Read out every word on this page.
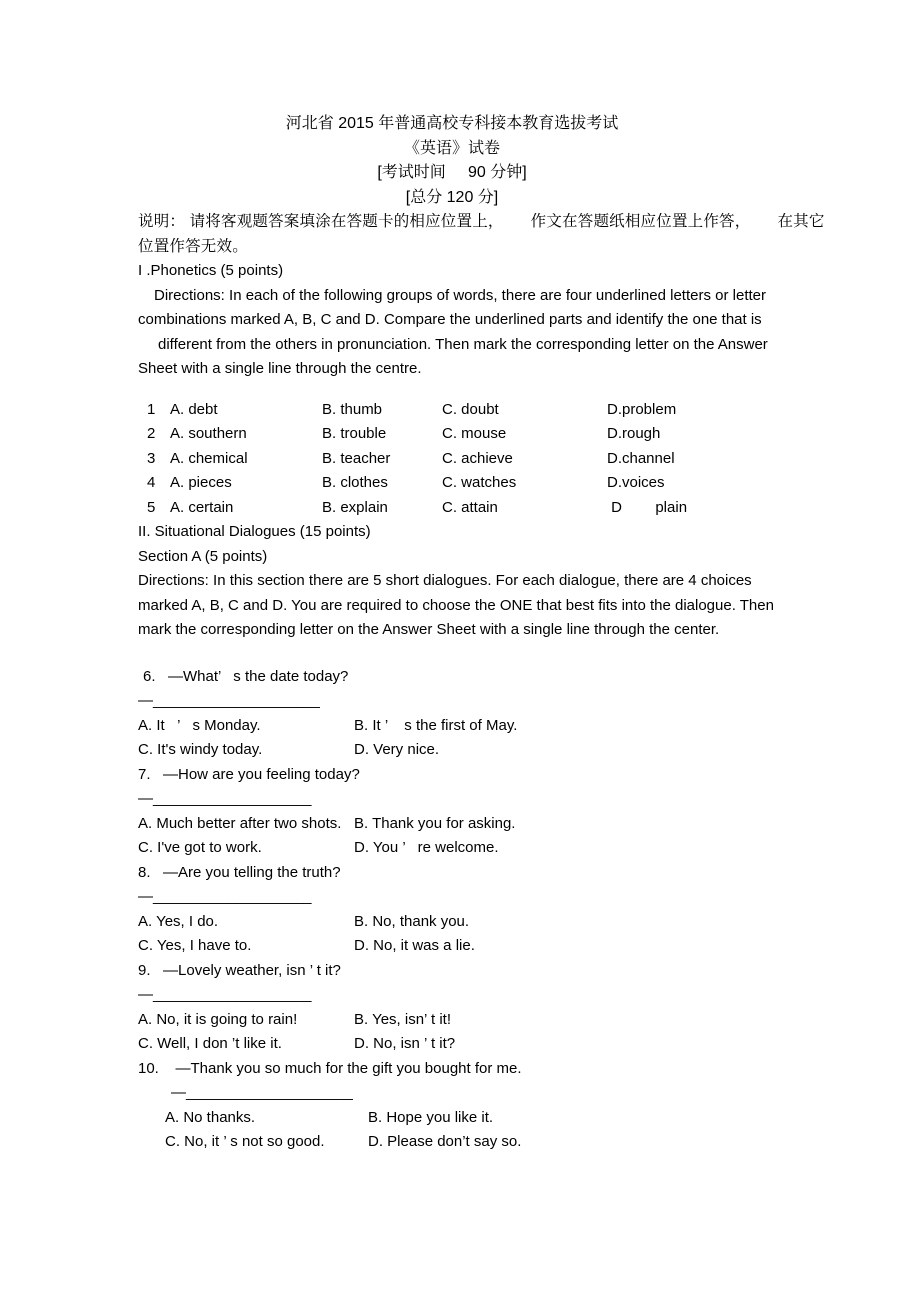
河北省 2015 年普通高校专科接本教育选拔考试
《英语》试卷
[考试时间     90 分钟]
[总分 120 分]
说明： 请将客观题答案填涂在答题卡的相应位置上，      作文在答题纸相应位置上作答，      在其它
位置作答无效。
I .Phonetics (5 points)
Directions: In each of the following groups of words, there are four underlined letters or letter
combinations marked A, B, C and D. Compare the underlined parts and identify the one that is
different from the others in pronunciation. Then mark the corresponding letter on the Answer
Sheet with a single line through the centre.
1 A. debt	B. thumb	C. doubt	D.problem
2 A. southern	B. trouble	C. mouse	D.rough
3 A. chemical	B. teacher	C. achieve	D.channel
4 A. pieces	B. clothes	C. watches	D.voices
5 A. certain	B. explain	C. attain	D        plain
II. Situational Dialogues (15 points)
Section A (5 points)
Directions: In this section there are 5 short dialogues. For each dialogue, there are 4 choices
marked A, B, C and D. You are required to choose the ONE that best fits into the dialogue. Then
mark the corresponding letter on the Answer Sheet with a single line through the center.
6.   —What’   s the date today?
—____________________
A. It   ’   s Monday.	B. It ’    s the first of May.
C. It's windy today.	D. Very nice.
7.   —How are you feeling today?
—___________________
A. Much better after two shots. B. Thank you for asking.
C. I've got to work.	D. You ’   re welcome.
8.   —Are you telling the truth?
—___________________
A. Yes, I do.	B. No, thank you.
C. Yes, I have to.	D. No, it was a lie.
9.   —Lovely weather, isn ’ t it?
—___________________
A. No, it is going to rain!	B. Yes, isn’ t it!
C. Well, I don ’t like it.	D. No, isn ’ t it?
10.    —Thank you so much for the gift you bought for me.
—____________________
A. No thanks.	B. Hope you like it.
C. No, it ’ s not so good.	D. Please don’t say so.
